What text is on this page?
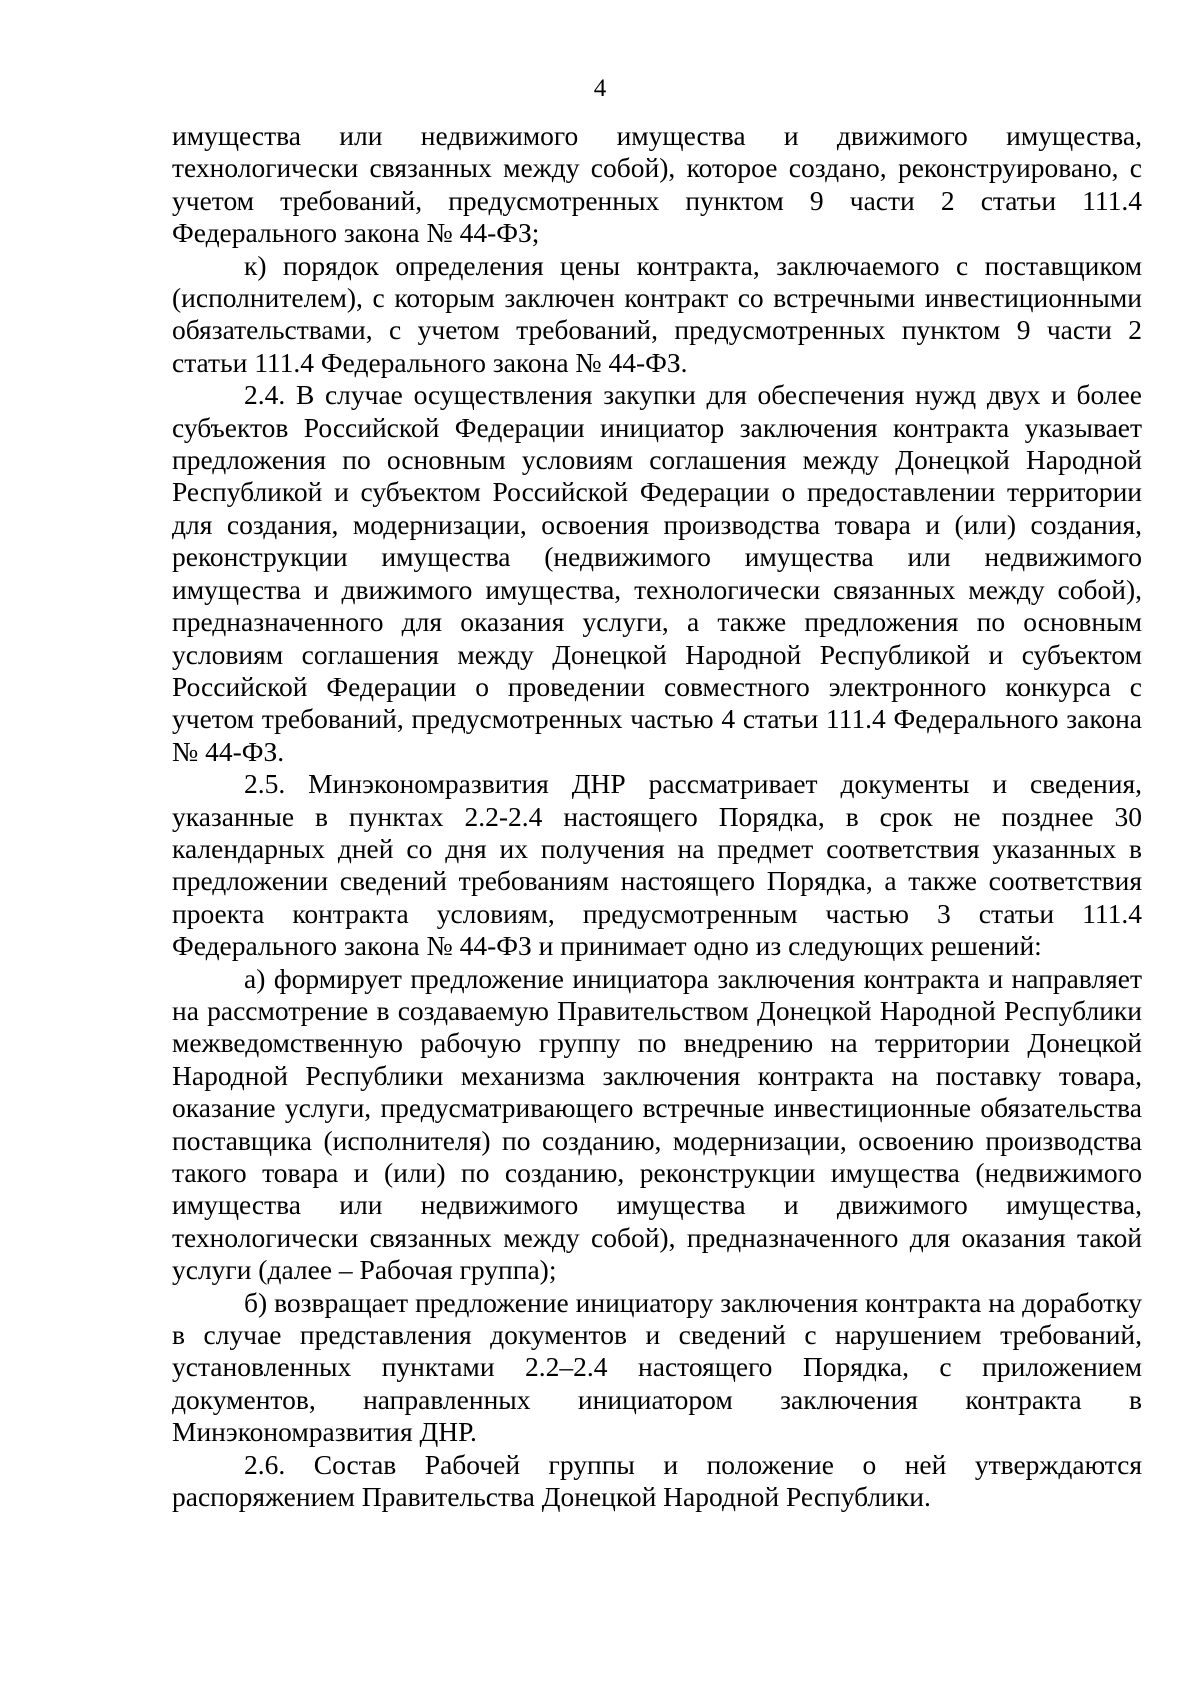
4

имущества или недвижимого имущества и движимого имущества, технологически связанных между собой), которое создано, реконструировано, с учетом требований, предусмотренных пунктом 9 части 2 статьи 111.4 Федерального закона № 44-ФЗ;

к) порядок определения цены контракта, заключаемого с поставщиком (исполнителем), с которым заключен контракт со встречными инвестиционными обязательствами, с учетом требований, предусмотренных пунктом 9 части 2 статьи 111.4 Федерального закона № 44-ФЗ.

2.4. В случае осуществления закупки для обеспечения нужд двух и более субъектов Российской Федерации инициатор заключения контракта указывает предложения по основным условиям соглашения между Донецкой Народной Республикой и субъектом Российской Федерации о предоставлении территории для создания, модернизации, освоения производства товара и (или) создания, реконструкции имущества (недвижимого имущества или недвижимого имущества и движимого имущества, технологически связанных между собой), предназначенного для оказания услуги, а также предложения по основным условиям соглашения между Донецкой Народной Республикой и субъектом Российской Федерации о проведении совместного электронного конкурса с учетом требований, предусмотренных частью 4 статьи 111.4 Федерального закона № 44-ФЗ.

2.5. Минэкономразвития ДНР рассматривает документы и сведения, указанные в пунктах 2.2-2.4 настоящего Порядка, в срок не позднее 30 календарных дней со дня их получения на предмет соответствия указанных в предложении сведений требованиям настоящего Порядка, а также соответствия проекта контракта условиям, предусмотренным частью 3 статьи 111.4 Федерального закона № 44-ФЗ и принимает одно из следующих решений:

а) формирует предложение инициатора заключения контракта и направляет на рассмотрение в создаваемую Правительством Донецкой Народной Республики межведомственную рабочую группу по внедрению на территории Донецкой Народной Республики механизма заключения контракта на поставку товара, оказание услуги, предусматривающего встречные инвестиционные обязательства поставщика (исполнителя) по созданию, модернизации, освоению производства такого товара и (или) по созданию, реконструкции имущества (недвижимого имущества или недвижимого имущества и движимого имущества, технологически связанных между собой), предназначенного для оказания такой услуги (далее – Рабочая группа);

б) возвращает предложение инициатору заключения контракта на доработку в случае представления документов и сведений с нарушением требований, установленных пунктами 2.2–2.4 настоящего Порядка, с приложением документов, направленных инициатором заключения контракта в Минэкономразвития ДНР.

2.6. Состав Рабочей группы и положение о ней утверждаются распоряжением Правительства Донецкой Народной Республики.
